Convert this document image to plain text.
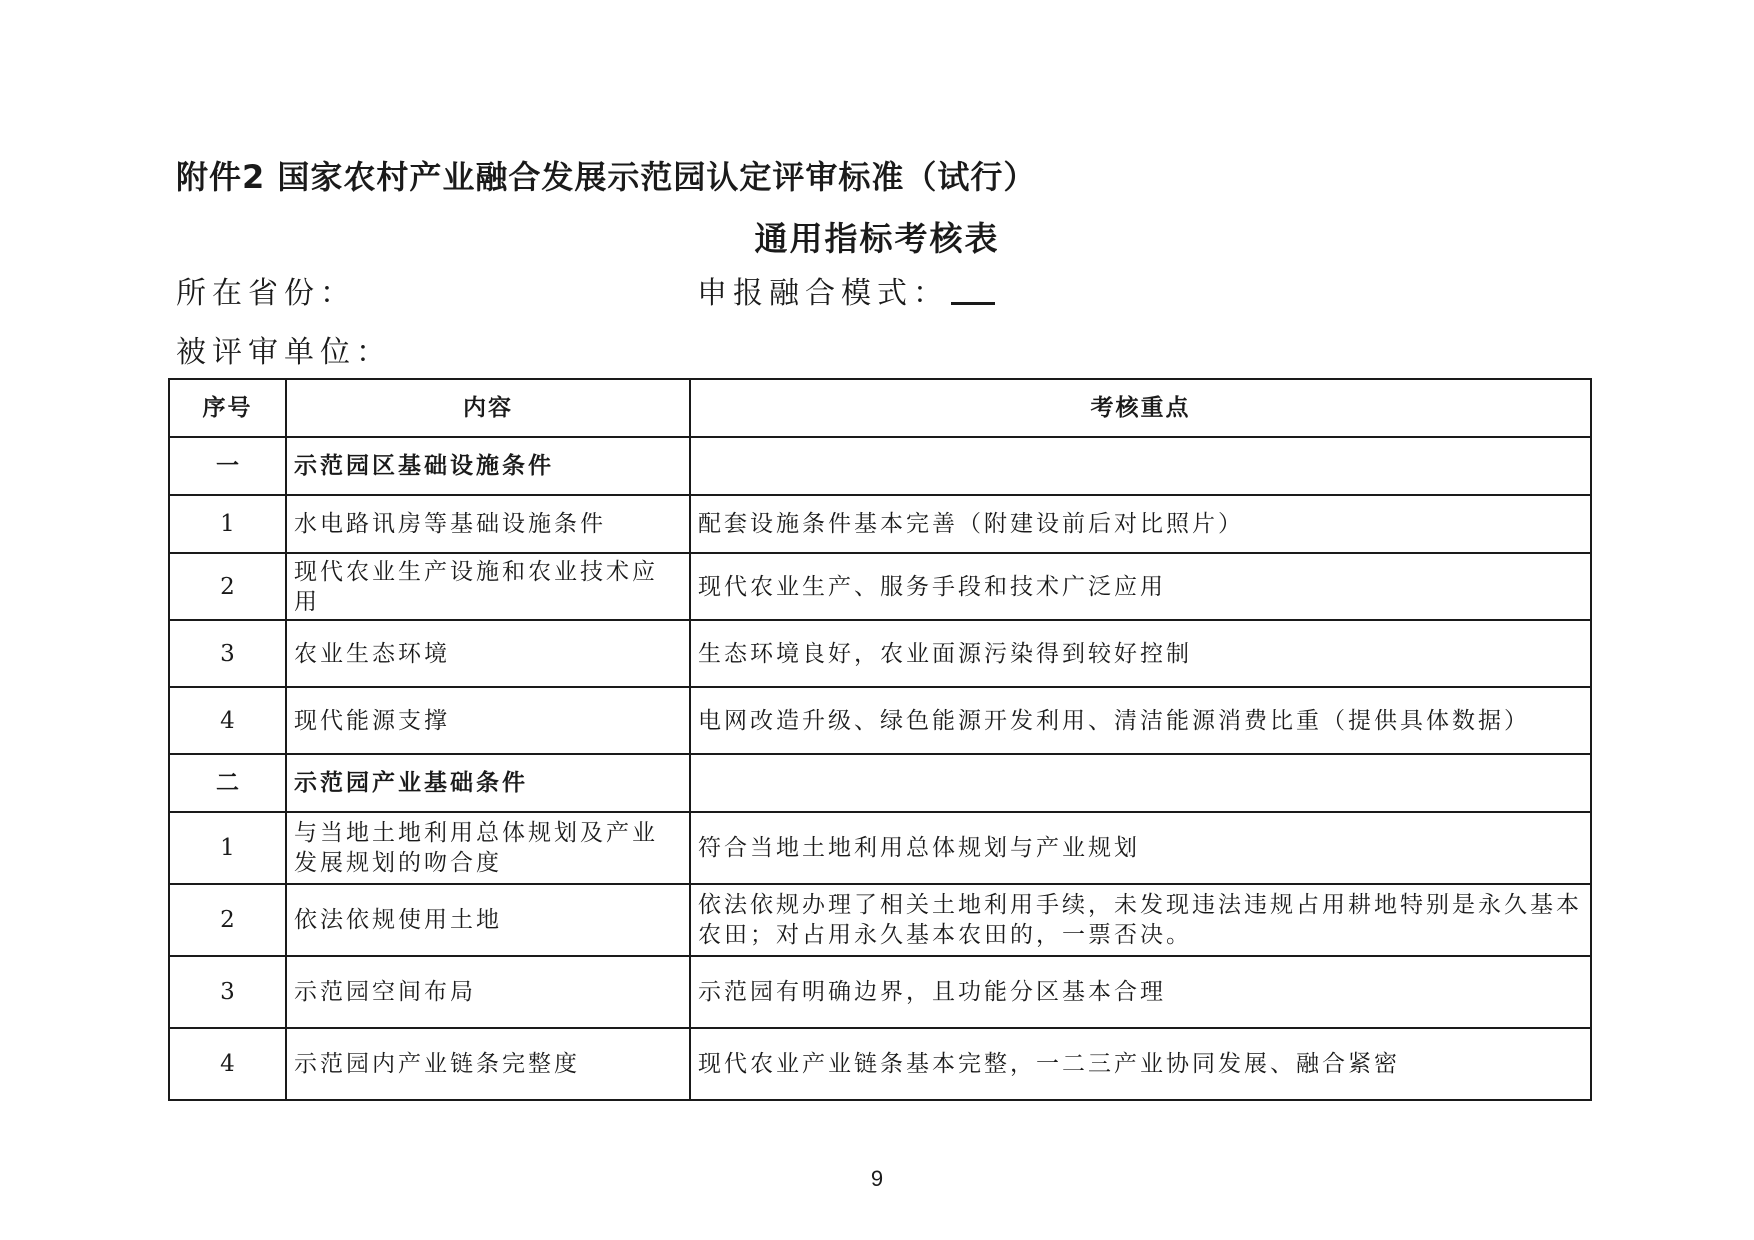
附件2 国家农村产业融合发展示范园认定评审标准（试行）
通用指标考核表
所在省份：	申报融合模式：
被评审单位：
序号	内容	考核重点
一	示范园区基础设施条件	
1	水电路讯房等基础设施条件	配套设施条件基本完善（附建设前后对比照片）
2	现代农业生产设施和农业技术应用	现代农业生产、服务手段和技术广泛应用
3	农业生态环境	生态环境良好，农业面源污染得到较好控制
4	现代能源支撑	电网改造升级、绿色能源开发利用、清洁能源消费比重（提供具体数据）
二	示范园产业基础条件	
1	与当地土地利用总体规划及产业发展规划的吻合度	符合当地土地利用总体规划与产业规划
2	依法依规使用土地	依法依规办理了相关土地利用手续，未发现违法违规占用耕地特别是永久基本农田；对占用永久基本农田的，一票否决。
3	示范园空间布局	示范园有明确边界，且功能分区基本合理
4	示范园内产业链条完整度	现代农业产业链条基本完整，一二三产业协同发展、融合紧密
9
